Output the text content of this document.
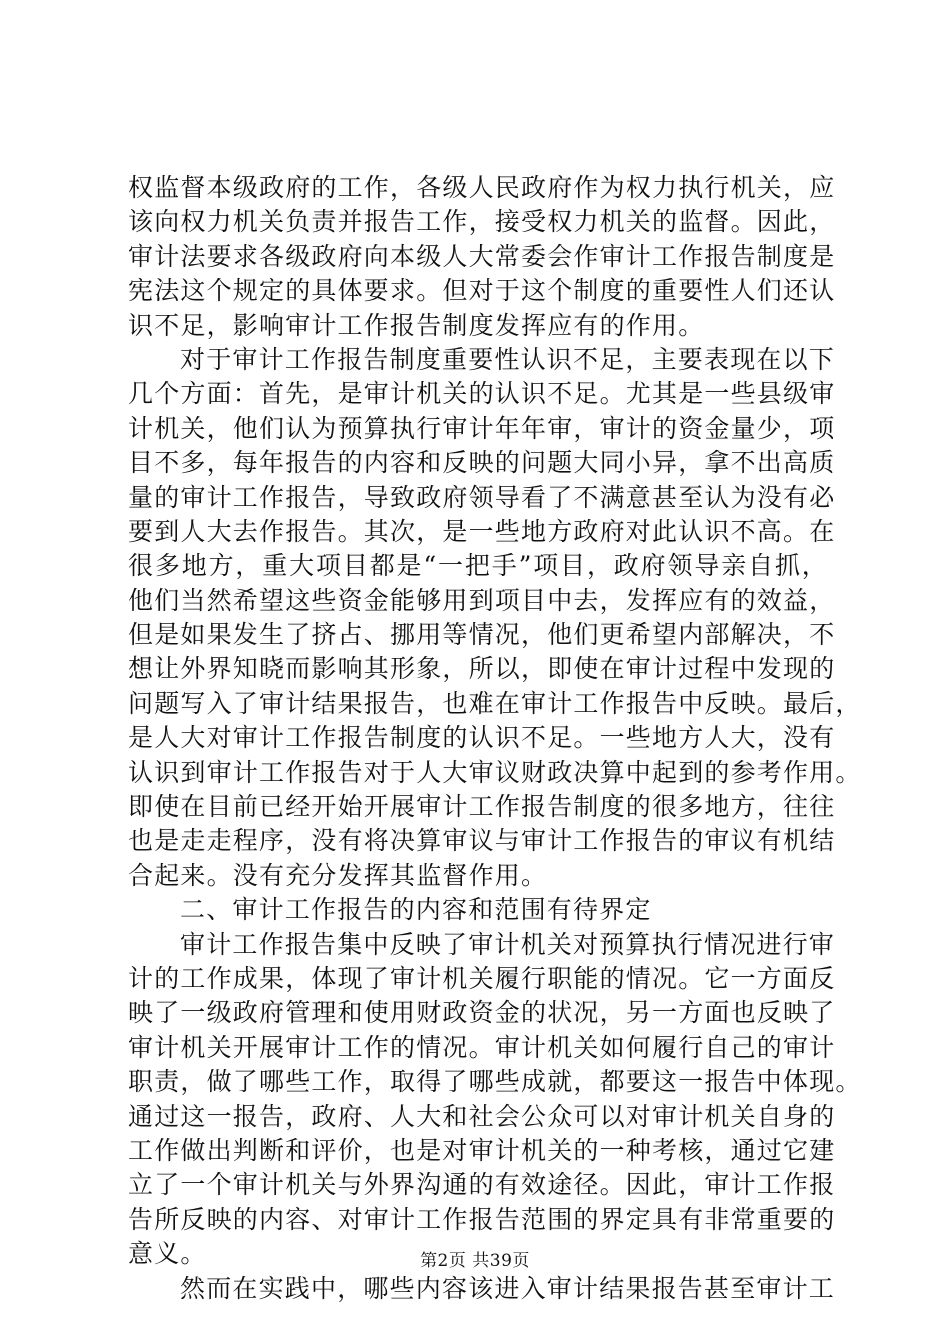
权监督本级政府的工作，各级人民政府作为权力执行机关，应
该向权力机关负责并报告工作，接受权力机关的监督。因此，
审计法要求各级政府向本级人大常委会作审计工作报告制度是
宪法这个规定的具体要求。但对于这个制度的重要性人们还认
识不足，影响审计工作报告制度发挥应有的作用。
对于审计工作报告制度重要性认识不足，主要表现在以下
几个方面：首先，是审计机关的认识不足。尤其是一些县级审
计机关，他们认为预算执行审计年年审，审计的资金量少，项
目不多，每年报告的内容和反映的问题大同小异，拿不出高质
量的审计工作报告，导致政府领导看了不满意甚至认为没有必
要到人大去作报告。其次，是一些地方政府对此认识不高。在
很多地方，重大项目都是“一把手”项目，政府领导亲自抓，
他们当然希望这些资金能够用到项目中去，发挥应有的效益，
但是如果发生了挤占、挪用等情况，他们更希望内部解决，不
想让外界知晓而影响其形象，所以，即使在审计过程中发现的
问题写入了审计结果报告，也难在审计工作报告中反映。最后，
是人大对审计工作报告制度的认识不足。一些地方人大，没有
认识到审计工作报告对于人大审议财政决算中起到的参考作用。
即使在目前已经开始开展审计工作报告制度的很多地方，往往
也是走走程序，没有将决算审议与审计工作报告的审议有机结
合起来。没有充分发挥其监督作用。
二、审计工作报告的内容和范围有待界定
审计工作报告集中反映了审计机关对预算执行情况进行审
计的工作成果，体现了审计机关履行职能的情况。它一方面反
映了一级政府管理和使用财政资金的状况，另一方面也反映了
审计机关开展审计工作的情况。审计机关如何履行自己的审计
职责，做了哪些工作，取得了哪些成就，都要这一报告中体现。
通过这一报告，政府、人大和社会公众可以对审计机关自身的
工作做出判断和评价，也是对审计机关的一种考核，通过它建
立了一个审计机关与外界沟通的有效途径。因此，审计工作报
告所反映的内容、对审计工作报告范围的界定具有非常重要的
意义。
然而在实践中，哪些内容该进入审计结果报告甚至审计工
第2页 共39页
